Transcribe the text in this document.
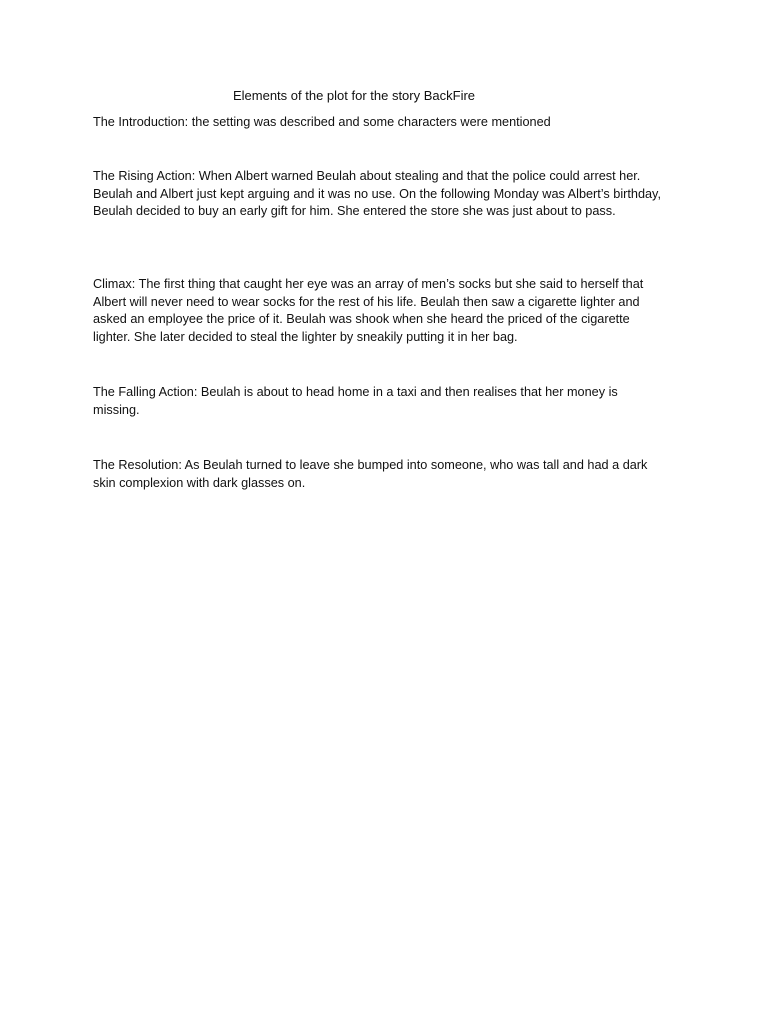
Elements of the plot for the story BackFire

The Introduction: the setting was described and some characters were mentioned

The Rising Action: When Albert warned Beulah about stealing and that the police could arrest her. Beulah and Albert just kept arguing and it was no use. On the following Monday was Albert’s birthday, Beulah decided to buy an early gift for him. She entered the store she was just about to pass.

Climax: The first thing that caught her eye was an array of men’s socks but she said to herself that Albert will never need to wear socks for the rest of his life. Beulah then saw a cigarette lighter and asked an employee the price of it. Beulah was shook when she heard the priced of the cigarette lighter. She later decided to steal the lighter by sneakily putting it in her bag.

The Falling Action: Beulah is about to head home in a taxi and then realises that her money is missing.

The Resolution: As Beulah turned to leave she bumped into someone, who was tall and had a dark skin complexion with dark glasses on.
